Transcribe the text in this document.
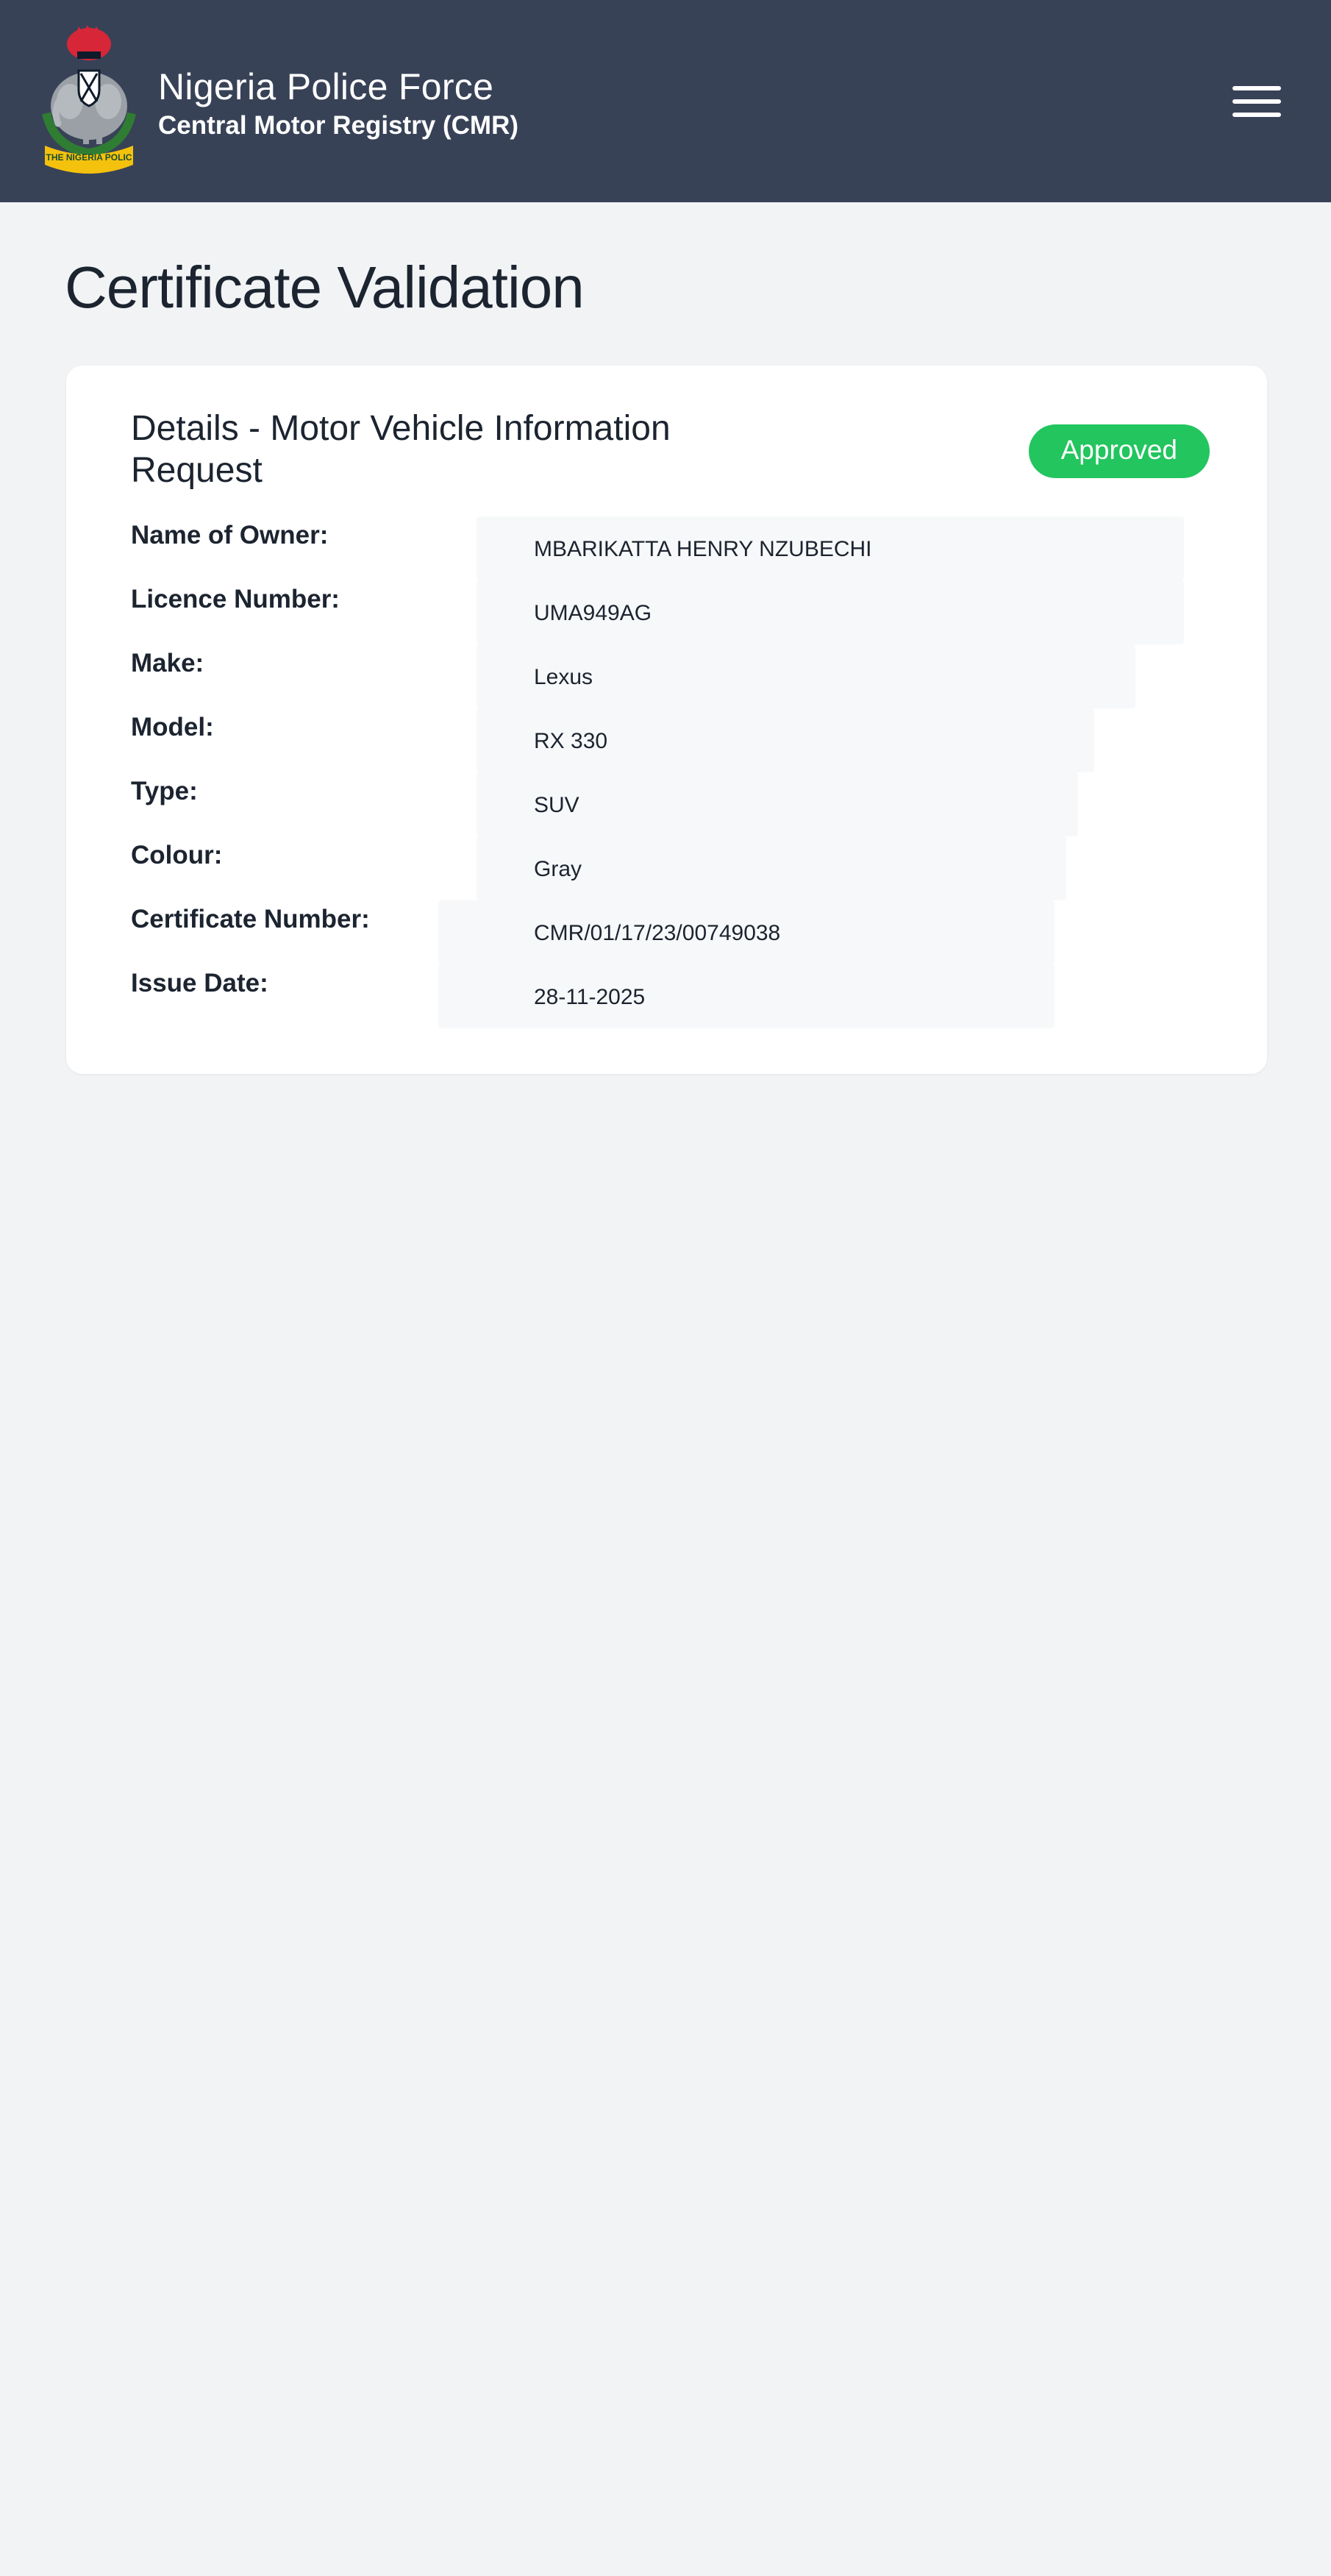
THE NIGERIA POLIC
Nigeria Police Force
Central Motor Registry (CMR)
Certificate Validation
Details - Motor Vehicle Information Request
Approved
Name of Owner:	MBARIKATTA HENRY NZUBECHI
Licence Number:	UMA949AG
Make:	Lexus
Model:	RX 330
Type:	SUV
Colour:	Gray
Certificate Number:	CMR/01/17/23/00749038
Issue Date:	28-11-2025
